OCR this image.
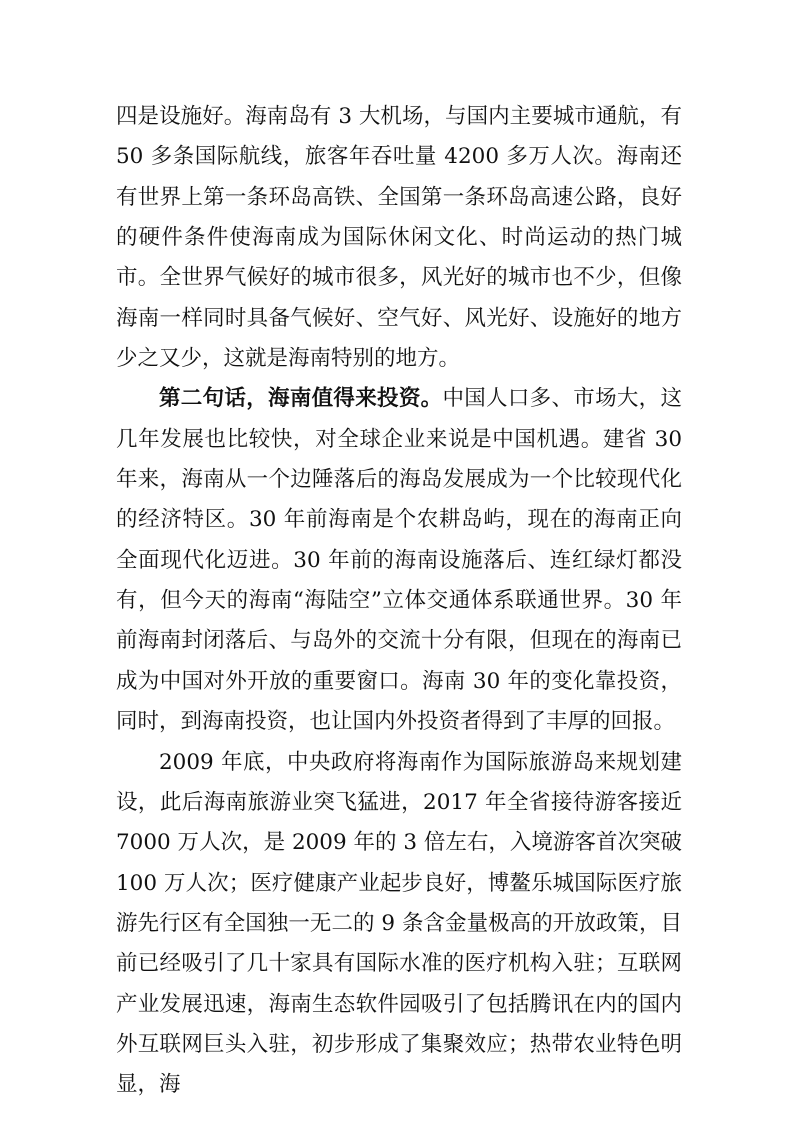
四是设施好。海南岛有 3 大机场，与国内主要城市通航，有 50 多条国际航线，旅客年吞吐量 4200 多万人次。海南还有世界上第一条环岛高铁、全国第一条环岛高速公路，良好的硬件条件使海南成为国际休闲文化、时尚运动的热门城市。全世界气候好的城市很多，风光好的城市也不少，但像海南一样同时具备气候好、空气好、风光好、设施好的地方少之又少，这就是海南特别的地方。

第二句话，海南值得来投资。中国人口多、市场大，这几年发展也比较快，对全球企业来说是中国机遇。建省 30 年来，海南从一个边陲落后的海岛发展成为一个比较现代化的经济特区。30 年前海南是个农耕岛屿，现在的海南正向全面现代化迈进。30 年前的海南设施落后、连红绿灯都没有，但今天的海南“海陆空”立体交通体系联通世界。30 年前海南封闭落后、与岛外的交流十分有限，但现在的海南已成为中国对外开放的重要窗口。海南 30 年的变化靠投资，同时，到海南投资，也让国内外投资者得到了丰厚的回报。

2009 年底，中央政府将海南作为国际旅游岛来规划建设，此后海南旅游业突飞猛进，2017 年全省接待游客接近 7000 万人次，是 2009 年的 3 倍左右，入境游客首次突破 100 万人次；医疗健康产业起步良好，博鳌乐城国际医疗旅游先行区有全国独一无二的 9 条含金量极高的开放政策，目前已经吸引了几十家具有国际水准的医疗机构入驻；互联网产业发展迅速，海南生态软件园吸引了包括腾讯在内的国内外互联网巨头入驻，初步形成了集聚效应；热带农业特色明显，海
